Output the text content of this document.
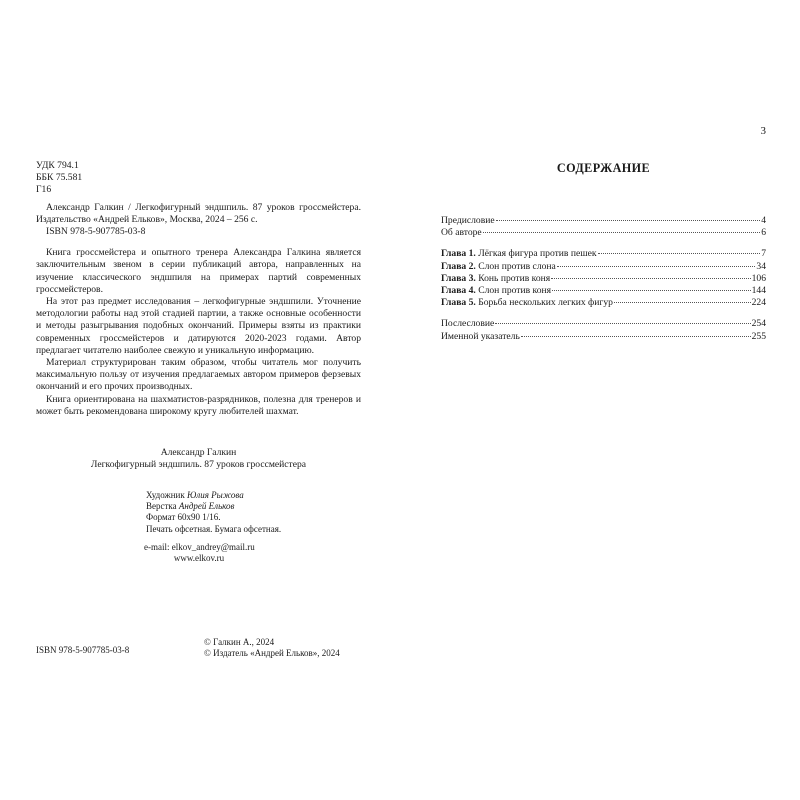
УДК 794.1
ББК 75.581
Г16

Александр Галкин / Легкофигурный эндшпиль. 87 уроков гроссмейстера. Издательство «Андрей Ельков», Москва, 2024 – 256 с.

ISBN 978-5-907785-03-8

Книга гроссмейстера и опытного тренера Александра Галкина является заключительным звеном в серии публикаций автора, направленных на изучение классического эндшпиля на примерах партий современных гроссмейстеров.

На этот раз предмет исследования – легкофигурные эндшпили. Уточнение методологии работы над этой стадией партии, а также основные особенности и методы разыгрывания подобных окончаний. Примеры взяты из практики современных гроссмейстеров и датируются 2020-2023 годами. Автор предлагает читателю наиболее свежую и уникальную информацию.

Материал структурирован таким образом, чтобы читатель мог получить максимальную пользу от изучения предлагаемых автором примеров ферзевых окончаний и его прочих производных.

Книга ориентирована на шахматистов-разрядников, полезна для тренеров и может быть рекомендована широкому кругу любителей шахмат.

Александр Галкин
Легкофигурный эндшпиль. 87 уроков гроссмейстера
Художник Юлия Рыжова
Верстка Андрей Ельков
Формат 60х90 1/16.
Печать офсетная. Бумага офсетная.
e-mail: elkov_andrey@mail.ru
www.elkov.ru
ISBN 978-5-907785-03-8
© Галкин А., 2024
© Издатель «Андрей Ельков», 2024
3
СОДЕРЖАНИЕ
Предисловие	4
Об авторе	6
Глава 1. Лёгкая фигура против пешек	7
Глава 2. Слон против слона	34
Глава 3. Конь против коня	106
Глава 4. Слон против коня	144
Глава 5. Борьба нескольких легких фигур	224
Послесловие	254
Именной указатель	255
